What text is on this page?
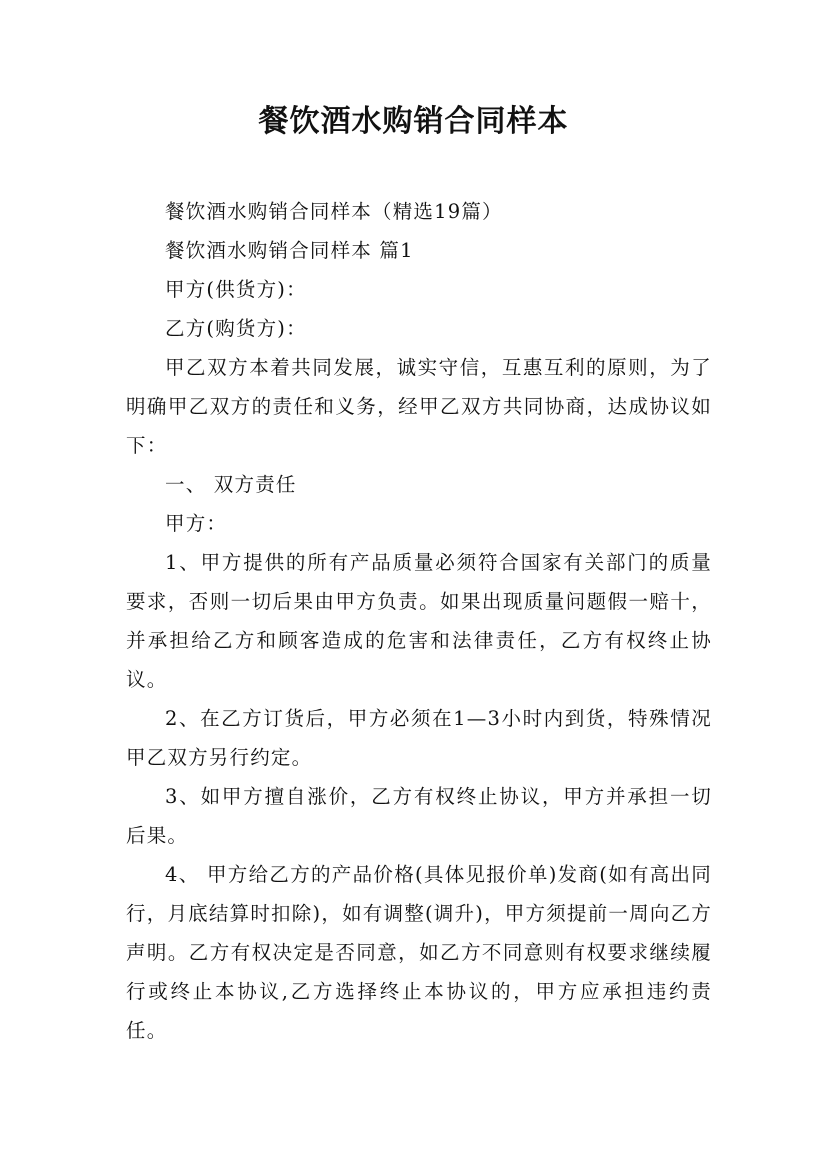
餐饮酒水购销合同样本

餐饮酒水购销合同样本（精选19篇）

餐饮酒水购销合同样本 篇1

甲方(供货方)：

乙方(购货方)：

甲乙双方本着共同发展，诚实守信，互惠互利的原则，为了明确甲乙双方的责任和义务，经甲乙双方共同协商，达成协议如下：

一、 双方责任

甲方：

1、甲方提供的所有产品质量必须符合国家有关部门的质量要求，否则一切后果由甲方负责。如果出现质量问题假一赔十，并承担给乙方和顾客造成的危害和法律责任，乙方有权终止协议。

2、在乙方订货后，甲方必须在1—3小时内到货，特殊情况甲乙双方另行约定。

3、如甲方擅自涨价，乙方有权终止协议，甲方并承担一切后果。

4、 甲方给乙方的产品价格(具体见报价单)发商(如有高出同行，月底结算时扣除)，如有调整(调升)，甲方须提前一周向乙方声明。乙方有权决定是否同意，如乙方不同意则有权要求继续履行或终止本协议,乙方选择终止本协议的，甲方应承担违约责任。
